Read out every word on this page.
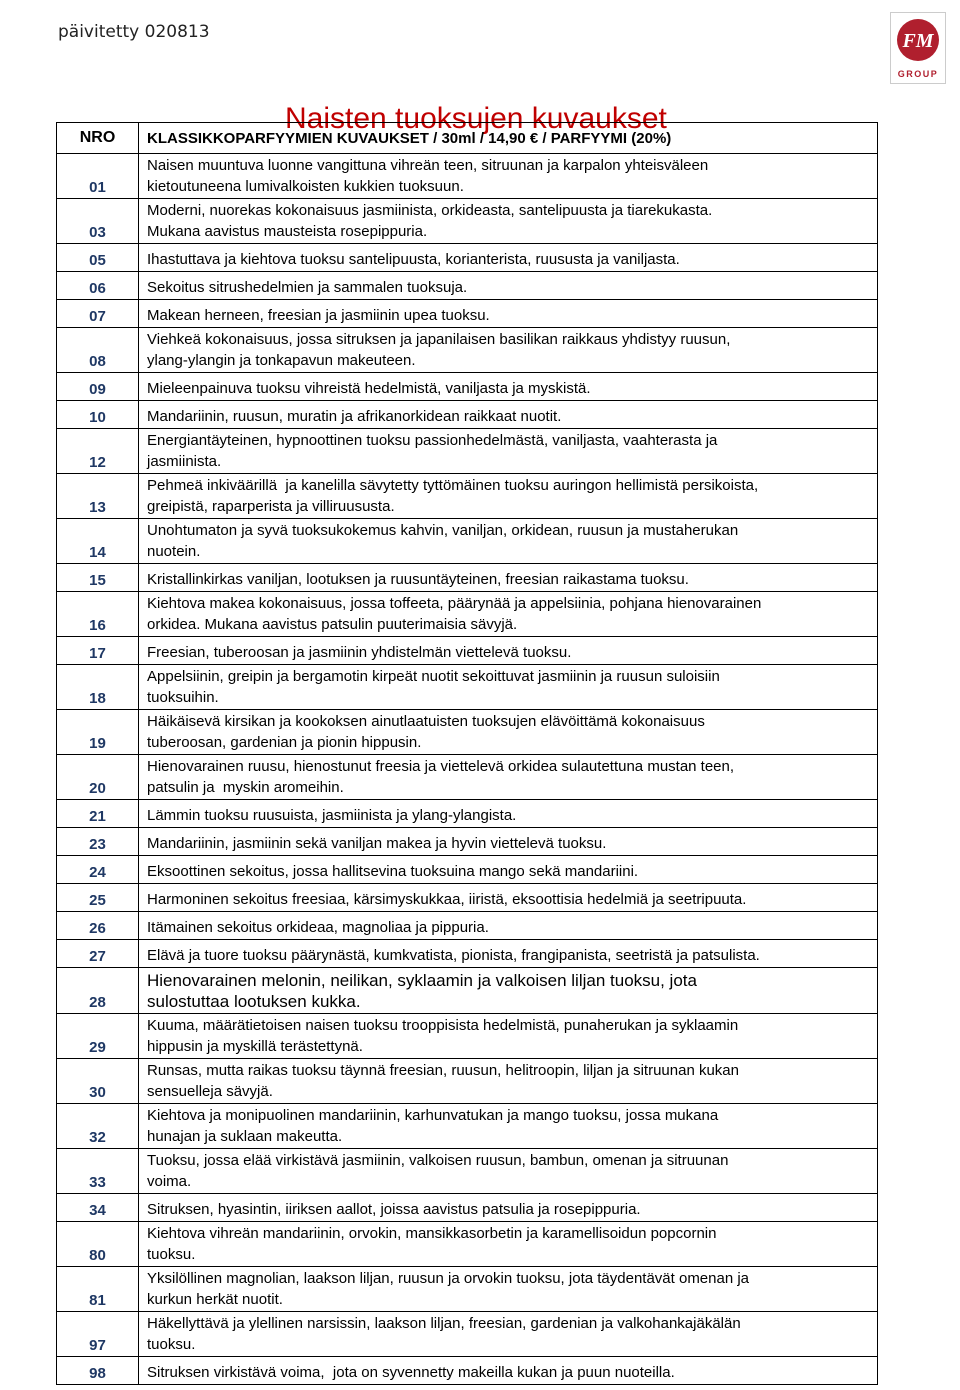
päivitetty 020813	FM
GROUP
Naisten tuoksujen kuvaukset
NRO	KLASSIKKOPARFYYMIEN KUVAUKSET / 30ml / 14,90 € / PARFYYMI (20%)
01	Naisen muuntuva luonne vangittuna vihreän teen, sitruunan ja karpalon yhteisväleen
kietoutuneena lumivalkoisten kukkien tuoksuun.

03	Moderni, nuorekas kokonaisuus jasmiinista, orkideasta, santelipuusta ja tiarekukasta.
Mukana aavistus mausteista rosepippuria.

05	Ihastuttava ja kiehtova tuoksu santelipuusta, korianterista, ruususta ja vaniljasta.

06	Sekoitus sitrushedelmien ja sammalen tuoksuja.

07	Makean herneen, freesian ja jasmiinin upea tuoksu.

08	Viehkeä kokonaisuus, jossa sitruksen ja japanilaisen basilikan raikkaus yhdistyy ruusun,
ylang-ylangin ja tonkapavun makeuteen.

09	Mieleenpainuva tuoksu vihreistä hedelmistä, vaniljasta ja myskistä.

10	Mandariinin, ruusun, muratin ja afrikanorkidean raikkaat nuotit.

12	Energiantäyteinen, hypnoottinen tuoksu passionhedelmästä, vaniljasta, vaahterasta ja
jasmiinista.

13	Pehmeä inkiväärillä  ja kanelilla sävytetty tyttömäinen tuoksu auringon hellimistä persikoista,
greipistä, raparperista ja villiruususta.

14	Unohtumaton ja syvä tuoksukokemus kahvin, vaniljan, orkidean, ruusun ja mustaherukan
nuotein.

15	Kristallinkirkas vaniljan, lootuksen ja ruusuntäyteinen, freesian raikastama tuoksu.

16	Kiehtova makea kokonaisuus, jossa toffeeta, päärynää ja appelsiinia, pohjana hienovarainen
orkidea. Mukana aavistus patsulin puuterimaisia sävyjä.

17	Freesian, tuberoosan ja jasmiinin yhdistelmän viettelevä tuoksu.

18	Appelsiinin, greipin ja bergamotin kirpeät nuotit sekoittuvat jasmiinin ja ruusun suloisiin
tuoksuihin.

19	Häikäisevä kirsikan ja kookoksen ainutlaatuisten tuoksujen elävöittämä kokonaisuus
tuberoosan, gardenian ja pionin hippusin.

20	Hienovarainen ruusu, hienostunut freesia ja viettelevä orkidea sulautettuna mustan teen,
patsulin ja  myskin aromeihin.

21	Lämmin tuoksu ruusuista, jasmiinista ja ylang-ylangista.

23	Mandariinin, jasmiinin sekä vaniljan makea ja hyvin viettelevä tuoksu.

24	Eksoottinen sekoitus, jossa hallitsevina tuoksuina mango sekä mandariini.

25	Harmoninen sekoitus freesiaa, kärsimyskukkaa, iiristä, eksoottisia hedelmiä ja seetripuuta.

26	Itämainen sekoitus orkideaa, magnoliaa ja pippuria.

27	Elävä ja tuore tuoksu päärynästä, kumkvatista, pionista, frangipanista, seetristä ja patsulista.

28	Hienovarainen melonin, neilikan, syklaamin ja valkoisen liljan tuoksu, jota
sulostuttaa lootuksen kukka.

29	Kuuma, määrätietoisen naisen tuoksu trooppisista hedelmistä, punaherukan ja syklaamin
hippusin ja myskillä terästettynä.

30	Runsas, mutta raikas tuoksu täynnä freesian, ruusun, helitroopin, liljan ja sitruunan kukan
sensuelleja sävyjä.

32	Kiehtova ja monipuolinen mandariinin, karhunvatukan ja mango tuoksu, jossa mukana
hunajan ja suklaan makeutta.

33	Tuoksu, jossa elää virkistävä jasmiinin, valkoisen ruusun, bambun, omenan ja sitruunan
voima.

34	Sitruksen, hyasintin, iiriksen aallot, joissa aavistus patsulia ja rosepippuria.

80	Kiehtova vihreän mandariinin, orvokin, mansikkasorbetin ja karamellisoidun popcornin
tuoksu.

81	Yksilöllinen magnolian, laakson liljan, ruusun ja orvokin tuoksu, jota täydentävät omenan ja
kurkun herkät nuotit.

97	Häkellyttävä ja ylellinen narsissin, laakson liljan, freesian, gardenian ja valkohankajäkälän
tuoksu.

98	Sitruksen virkistävä voima,  jota on syvennetty makeilla kukan ja puun nuoteilla.
